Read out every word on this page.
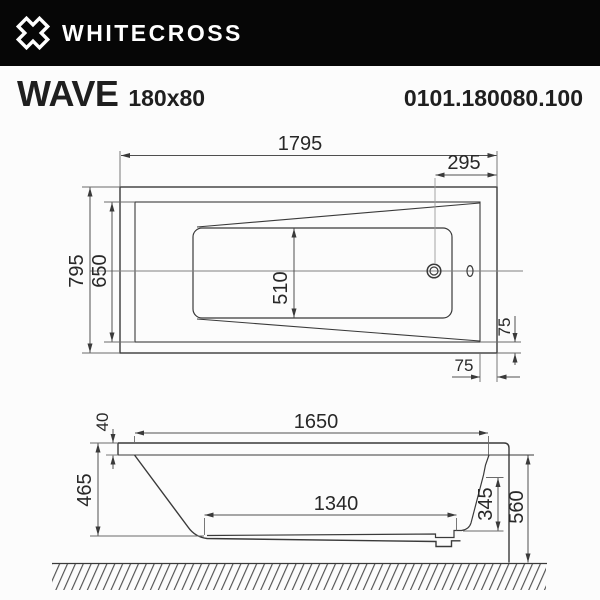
WHITECROSS
WAVE 180x80	0101.180080.100
1795
295
795 650
510
75
75
1650
40
465	1340	345 560
